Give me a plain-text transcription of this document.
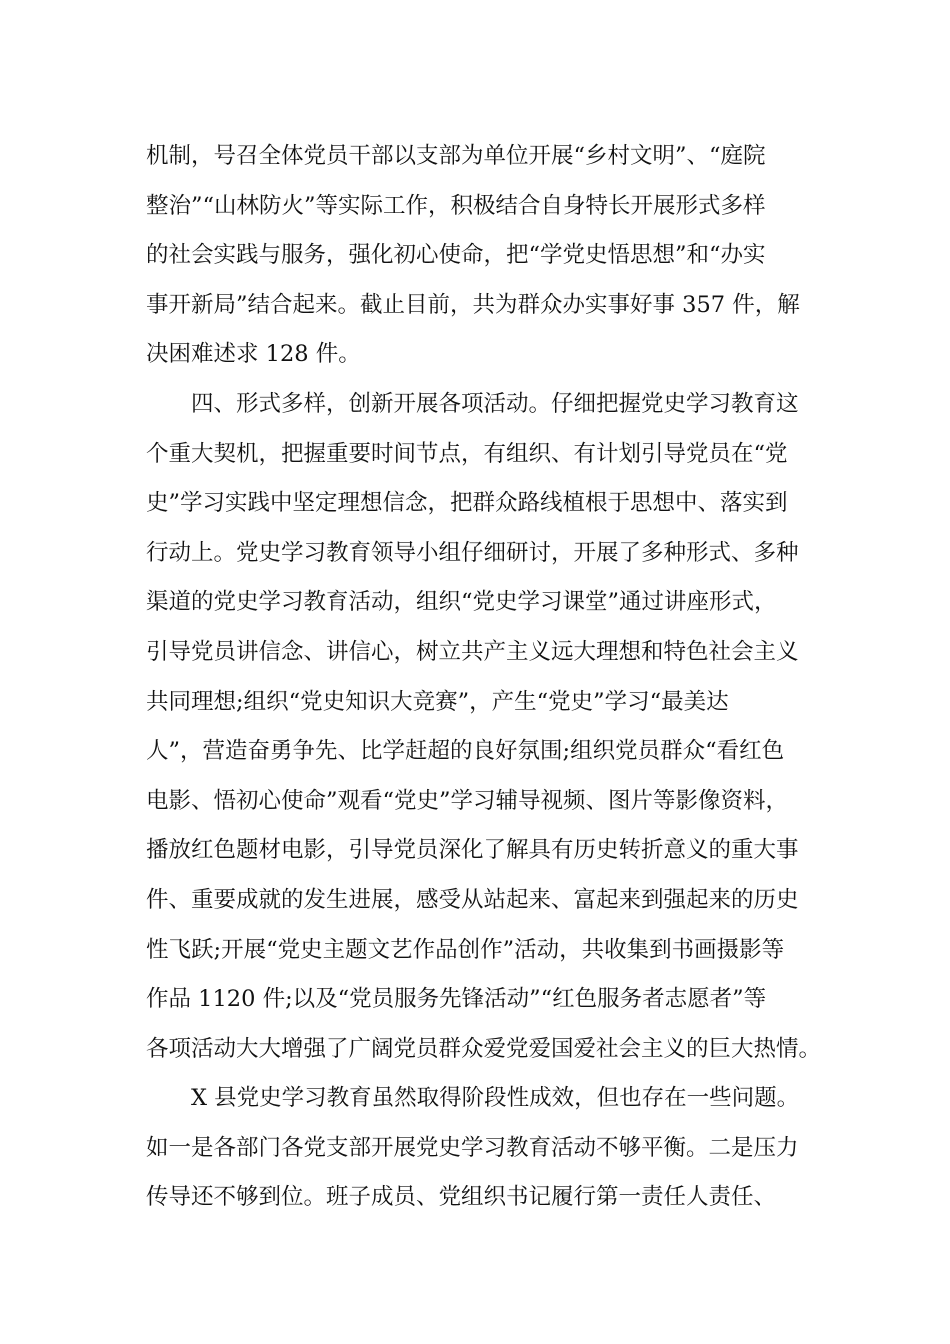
机制，号召全体党员干部以支部为单位开展“乡村文明”、“庭院
整治”“山林防火”等实际工作，积极结合自身特长开展形式多样
的社会实践与服务，强化初心使命，把“学党史悟思想”和“办实
事开新局”结合起来。截止目前，共为群众办实事好事 357 件，解
决困难述求 128 件。
四、形式多样，创新开展各项活动。仔细把握党史学习教育这
个重大契机，把握重要时间节点，有组织、有计划引导党员在“党
史”学习实践中坚定理想信念，把群众路线植根于思想中、落实到
行动上。党史学习教育领导小组仔细研讨，开展了多种形式、多种
渠道的党史学习教育活动，组织“党史学习课堂”通过讲座形式，
引导党员讲信念、讲信心，树立共产主义远大理想和特色社会主义
共同理想;组织“党史知识大竞赛”，产生“党史”学习“最美达
人”，营造奋勇争先、比学赶超的良好氛围;组织党员群众“看红色
电影、悟初心使命”观看“党史”学习辅导视频、图片等影像资料，
播放红色题材电影，引导党员深化了解具有历史转折意义的重大事
件、重要成就的发生进展，感受从站起来、富起来到强起来的历史
性飞跃;开展“党史主题文艺作品创作”活动，共收集到书画摄影等
作品 1120 件;以及“党员服务先锋活动”“红色服务者志愿者”等
各项活动大大增强了广阔党员群众爱党爱国爱社会主义的巨大热情。
X 县党史学习教育虽然取得阶段性成效，但也存在一些问题。
如一是各部门各党支部开展党史学习教育活动不够平衡。二是压力
传导还不够到位。班子成员、党组织书记履行第一责任人责任、
